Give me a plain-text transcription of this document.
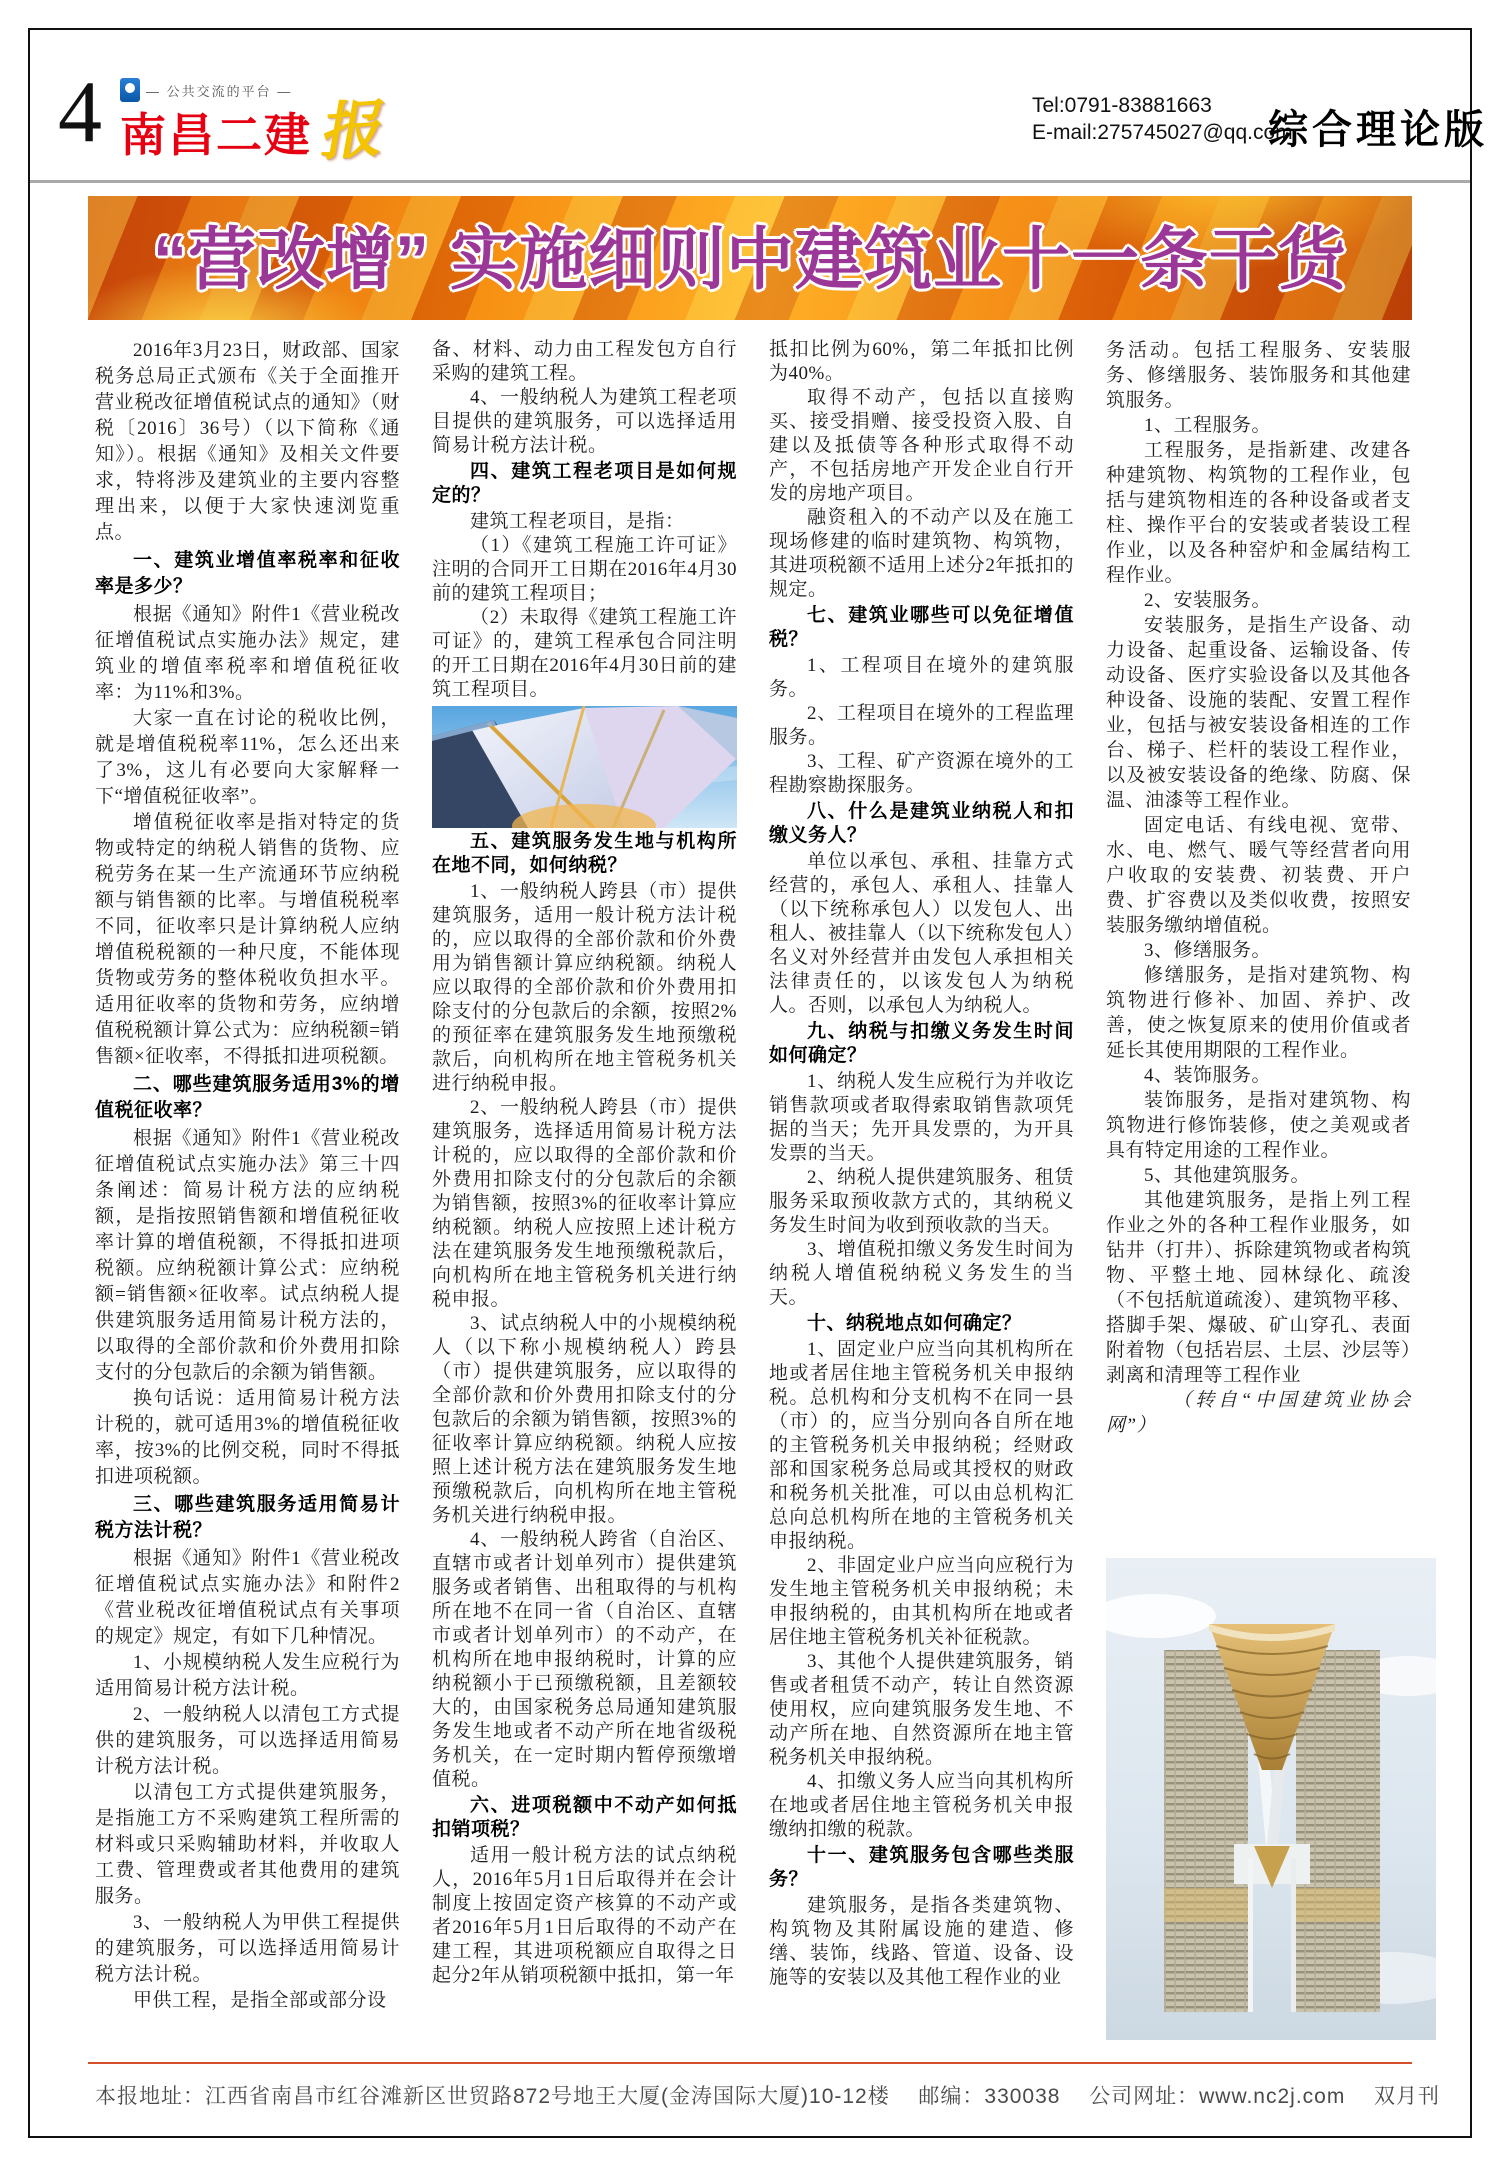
4	— 公共交流的平台 —
南昌二建 报	Tel:0791-83881663
E-mail:275745027@qq.com
综合理论版
“营改增” 实施细则中建筑业十一条干货

2016年3月23日，财政部、国家税务总局正式颁布《关于全面推开营业税改征增值税试点的通知》（财税〔2016〕36号）（以下简称《通知》）。根据《通知》及相关文件要求，特将涉及建筑业的主要内容整理出来，以便于大家快速浏览重点。

一、建筑业增值率税率和征收率是多少？

根据《通知》附件1《营业税改征增值税试点实施办法》规定，建筑业的增值率税率和增值税征收率：为11%和3%。

大家一直在讨论的税收比例，就是增值税税率11%，怎么还出来了3%，这儿有必要向大家解释一下“增值税征收率”。

增值税征收率是指对特定的货物或特定的纳税人销售的货物、应税劳务在某一生产流通环节应纳税额与销售额的比率。与增值税税率不同，征收率只是计算纳税人应纳增值税税额的一种尺度，不能体现货物或劳务的整体税收负担水平。适用征收率的货物和劳务，应纳增值税税额计算公式为：应纳税额=销售额×征收率，不得抵扣进项税额。

二、哪些建筑服务适用3%的增值税征收率？

根据《通知》附件1《营业税改征增值税试点实施办法》第三十四条阐述：简易计税方法的应纳税额，是指按照销售额和增值税征收率计算的增值税额，不得抵扣进项税额。应纳税额计算公式：应纳税额=销售额×征收率。试点纳税人提供建筑服务适用简易计税方法的，以取得的全部价款和价外费用扣除支付的分包款后的余额为销售额。

换句话说：适用简易计税方法计税的，就可适用3%的增值税征收率，按3%的比例交税，同时不得抵扣进项税额。

三、哪些建筑服务适用简易计税方法计税？

根据《通知》附件1《营业税改征增值税试点实施办法》和附件2《营业税改征增值税试点有关事项的规定》规定，有如下几种情况。

1、小规模纳税人发生应税行为适用简易计税方法计税。

2、一般纳税人以清包工方式提供的建筑服务，可以选择适用简易计税方法计税。

以清包工方式提供建筑服务，是指施工方不采购建筑工程所需的材料或只采购辅助材料，并收取人工费、管理费或者其他费用的建筑服务。

3、一般纳税人为甲供工程提供的建筑服务，可以选择适用简易计税方法计税。

甲供工程，是指全部或部分设

备、材料、动力由工程发包方自行采购的建筑工程。

4、一般纳税人为建筑工程老项目提供的建筑服务，可以选择适用简易计税方法计税。

四、建筑工程老项目是如何规定的？

建筑工程老项目，是指：

（1）《建筑工程施工许可证》注明的合同开工日期在2016年4月30前的建筑工程项目；

（2）未取得《建筑工程施工许可证》的，建筑工程承包合同注明的开工日期在2016年4月30日前的建筑工程项目。

五、建筑服务发生地与机构所在地不同，如何纳税？

1、一般纳税人跨县（市）提供建筑服务，适用一般计税方法计税的，应以取得的全部价款和价外费用为销售额计算应纳税额。纳税人应以取得的全部价款和价外费用扣除支付的分包款后的余额，按照2%的预征率在建筑服务发生地预缴税款后，向机构所在地主管税务机关进行纳税申报。

2、一般纳税人跨县（市）提供建筑服务，选择适用简易计税方法计税的，应以取得的全部价款和价外费用扣除支付的分包款后的余额为销售额，按照3%的征收率计算应纳税额。纳税人应按照上述计税方法在建筑服务发生地预缴税款后，向机构所在地主管税务机关进行纳税申报。

3、试点纳税人中的小规模纳税人（以下称小规模纳税人）跨县（市）提供建筑服务，应以取得的全部价款和价外费用扣除支付的分包款后的余额为销售额，按照3%的征收率计算应纳税额。纳税人应按照上述计税方法在建筑服务发生地预缴税款后，向机构所在地主管税务机关进行纳税申报。

4、一般纳税人跨省（自治区、直辖市或者计划单列市）提供建筑服务或者销售、出租取得的与机构所在地不在同一省（自治区、直辖市或者计划单列市）的不动产，在机构所在地申报纳税时，计算的应纳税额小于已预缴税额，且差额较大的，由国家税务总局通知建筑服务发生地或者不动产所在地省级税务机关，在一定时期内暂停预缴增值税。

六、进项税额中不动产如何抵扣销项税？

适用一般计税方法的试点纳税人，2016年5月1日后取得并在会计制度上按固定资产核算的不动产或者2016年5月1日后取得的不动产在建工程，其进项税额应自取得之日起分2年从销项税额中抵扣，第一年

抵扣比例为60%，第二年抵扣比例为40%。

取得不动产，包括以直接购买、接受捐赠、接受投资入股、自建以及抵债等各种形式取得不动产，不包括房地产开发企业自行开发的房地产项目。

融资租入的不动产以及在施工现场修建的临时建筑物、构筑物，其进项税额不适用上述分2年抵扣的规定。

七、建筑业哪些可以免征增值税？

1、工程项目在境外的建筑服务。

2、工程项目在境外的工程监理服务。

3、工程、矿产资源在境外的工程勘察勘探服务。

八、什么是建筑业纳税人和扣缴义务人？

单位以承包、承租、挂靠方式经营的，承包人、承租人、挂靠人（以下统称承包人）以发包人、出租人、被挂靠人（以下统称发包人）名义对外经营并由发包人承担相关法律责任的，以该发包人为纳税人。否则，以承包人为纳税人。

九、纳税与扣缴义务发生时间如何确定？

1、纳税人发生应税行为并收讫销售款项或者取得索取销售款项凭据的当天；先开具发票的，为开具发票的当天。

2、纳税人提供建筑服务、租赁服务采取预收款方式的，其纳税义务发生时间为收到预收款的当天。

3、增值税扣缴义务发生时间为纳税人增值税纳税义务发生的当天。

十、纳税地点如何确定？

1、固定业户应当向其机构所在地或者居住地主管税务机关申报纳税。总机构和分支机构不在同一县（市）的，应当分别向各自所在地的主管税务机关申报纳税；经财政部和国家税务总局或其授权的财政和税务机关批准，可以由总机构汇总向总机构所在地的主管税务机关申报纳税。

2、非固定业户应当向应税行为发生地主管税务机关申报纳税；未申报纳税的，由其机构所在地或者居住地主管税务机关补征税款。

3、其他个人提供建筑服务，销售或者租赁不动产，转让自然资源使用权，应向建筑服务发生地、不动产所在地、自然资源所在地主管税务机关申报纳税。

4、扣缴义务人应当向其机构所在地或者居住地主管税务机关申报缴纳扣缴的税款。

十一、建筑服务包含哪些类服务？

建筑服务，是指各类建筑物、构筑物及其附属设施的建造、修缮、装饰，线路、管道、设备、设施等的安装以及其他工程作业的业

务活动。包括工程服务、安装服务、修缮服务、装饰服务和其他建筑服务。

1、工程服务。

工程服务，是指新建、改建各种建筑物、构筑物的工程作业，包括与建筑物相连的各种设备或者支柱、操作平台的安装或者装设工程作业，以及各种窑炉和金属结构工程作业。

2、安装服务。

安装服务，是指生产设备、动力设备、起重设备、运输设备、传动设备、医疗实验设备以及其他各种设备、设施的装配、安置工程作业，包括与被安装设备相连的工作台、梯子、栏杆的装设工程作业，以及被安装设备的绝缘、防腐、保温、油漆等工程作业。

固定电话、有线电视、宽带、水、电、燃气、暖气等经营者向用户收取的安装费、初装费、开户费、扩容费以及类似收费，按照安装服务缴纳增值税。

3、修缮服务。

修缮服务，是指对建筑物、构筑物进行修补、加固、养护、改善，使之恢复原来的使用价值或者延长其使用期限的工程作业。

4、装饰服务。

装饰服务，是指对建筑物、构筑物进行修饰装修，使之美观或者具有特定用途的工程作业。

5、其他建筑服务。

其他建筑服务，是指上列工程作业之外的各种工程作业服务，如钻井（打井）、拆除建筑物或者构筑物、平整土地、园林绿化、疏浚（不包括航道疏浚）、建筑物平移、搭脚手架、爆破、矿山穿孔、表面附着物（包括岩层、土层、沙层等）剥离和清理等工程作业

（转自“中国建筑业协会网”）

本报地址：江西省南昌市红谷滩新区世贸路872号地王大厦(金涛国际大厦)10-12楼 邮编：330038 公司网址：www.nc2j.com 双月刊
